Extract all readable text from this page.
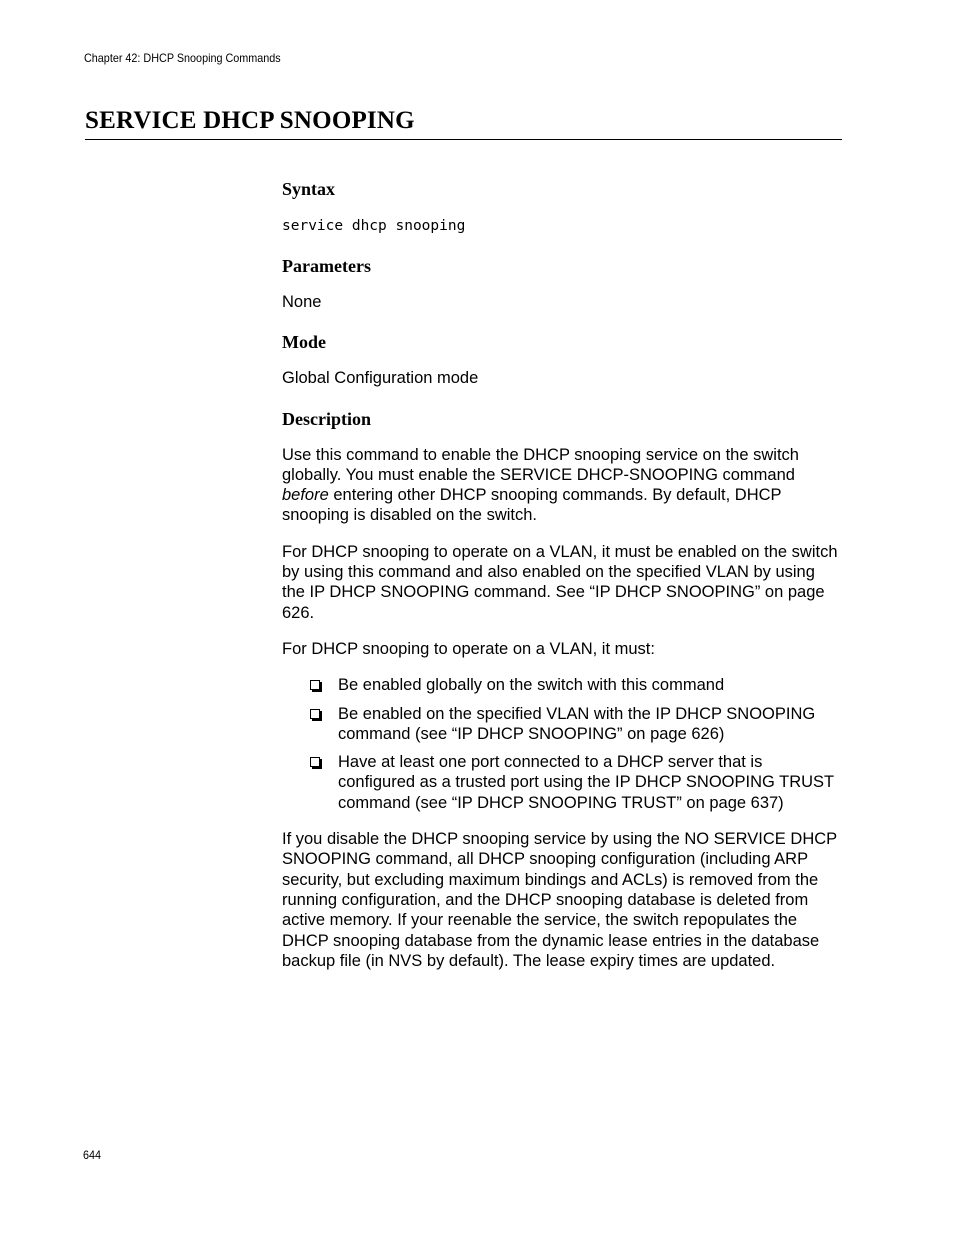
Chapter 42: DHCP Snooping Commands
SERVICE DHCP SNOOPING
Syntax
service dhcp snooping
Parameters

None

Mode

Global Configuration mode

Description

Use this command to enable the DHCP snooping service on the switch globally. You must enable the SERVICE DHCP-SNOOPING command before entering other DHCP snooping commands. By default, DHCP snooping is disabled on the switch.

For DHCP snooping to operate on a VLAN, it must be enabled on the switch by using this command and also enabled on the specified VLAN by using the IP DHCP SNOOPING command. See “IP DHCP SNOOPING” on page 626.

For DHCP snooping to operate on a VLAN, it must:

Be enabled globally on the switch with this command
Be enabled on the specified VLAN with the IP DHCP SNOOPING command (see “IP DHCP SNOOPING” on page 626)
Have at least one port connected to a DHCP server that is configured as a trusted port using the IP DHCP SNOOPING TRUST command (see “IP DHCP SNOOPING TRUST” on page 637)

If you disable the DHCP snooping service by using the NO SERVICE DHCP SNOOPING command, all DHCP snooping configuration (including ARP security, but excluding maximum bindings and ACLs) is removed from the running configuration, and the DHCP snooping database is deleted from active memory. If your reenable the service, the switch repopulates the DHCP snooping database from the dynamic lease entries in the database backup file (in NVS by default). The lease expiry times are updated.

644
